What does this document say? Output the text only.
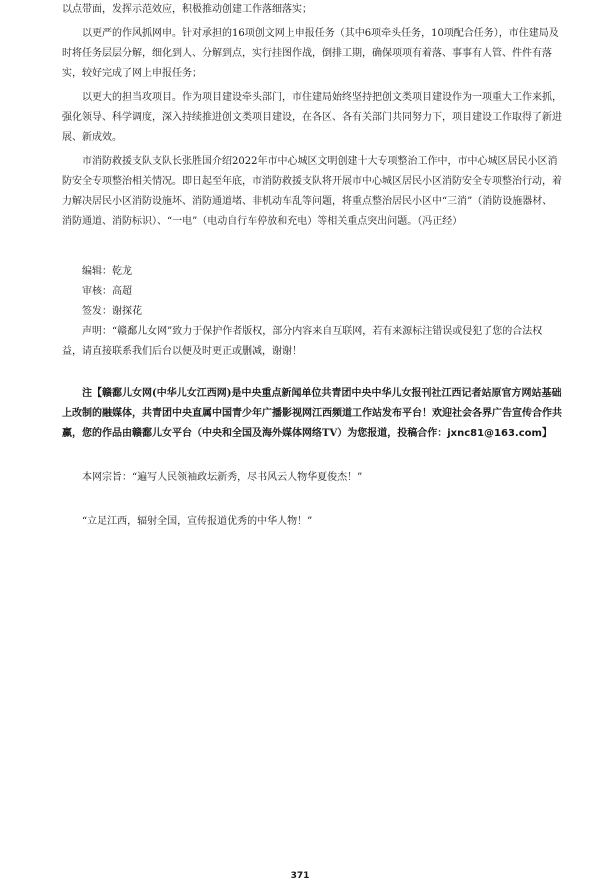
以点带面，发挥示范效应，积极推动创建工作落细落实；

以更严的作风抓网申。针对承担的16项创文网上申报任务（其中6项牵头任务，10项配合任务），市住建局及时将任务层层分解，细化到人、分解到点，实行挂图作战，倒排工期，确保项项有着落、事事有人管、件件有落实，较好完成了网上申报任务；

以更大的担当攻项目。作为项目建设牵头部门，市住建局始终坚持把创文类项目建设作为一项重大工作来抓，强化领导、科学调度，深入持续推进创文类项目建设，在各区、各有关部门共同努力下，项目建设工作取得了新进展、新成效。

市消防救援支队支队长张胜国介绍2022年市中心城区文明创建十大专项整治工作中，市中心城区居民小区消防安全专项整治相关情况。即日起至年底，市消防救援支队将开展市中心城区居民小区消防安全专项整治行动，着力解决居民小区消防设施坏、消防通道堵、非机动车乱等问题，将重点整治居民小区中“三消”（消防设施器材、消防通道、消防标识）、“一电”（电动自行车停放和充电）等相关重点突出问题。（冯正经）

编辑：乾龙

审核：高超

签发：谢探花

声明：“赣鄱儿女网”致力于保护作者版权，部分内容来自互联网，若有来源标注错误或侵犯了您的合法权益，请直接联系我们后台以便及时更正或删减，谢谢！

注【赣鄱儿女网(中华儿女江西网)是中央重点新闻单位共青团中央中华儿女报刊社江西记者站原官方网站基础上改制的融媒体，共青团中央直属中国青少年广播影视网江西频道工作站发布平台！欢迎社会各界广告宣传合作共赢，您的作品由赣鄱儿女平台（中央和全国及海外媒体网络TV）为您报道，投稿合作：jxnc81@163.com】

本网宗旨：“遍写人民领袖政坛新秀，尽书风云人物华夏俊杰！”

“立足江西，辐射全国，宣传报道优秀的中华人物！”

371
